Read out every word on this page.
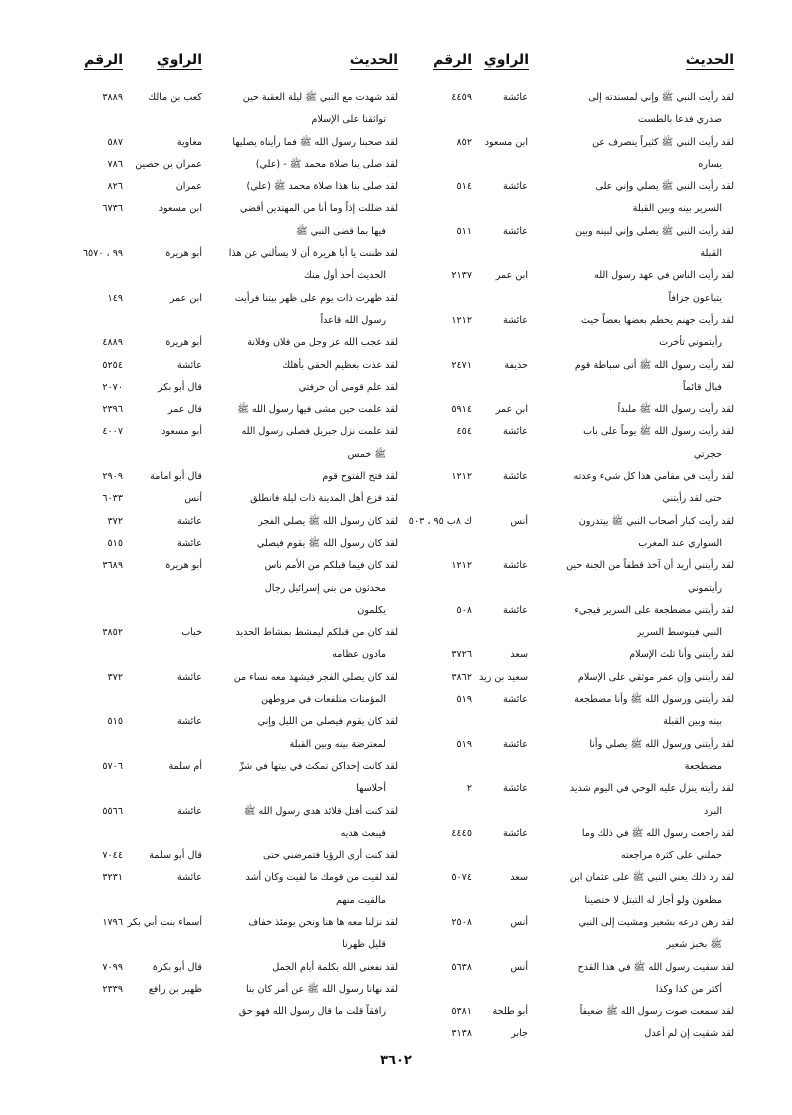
الحديث
الراوي
الرقم
لقد رأيت النبي ﷺ وإني لمسندته إلى
عائشة
٤٤٥٩
صدري فدعا بالطست
لقد رأيت النبي ﷺ كثيراً ينصرف عن
ابن مسعود
٨٥٢
يساره
لقد رأيت النبي ﷺ يصلي وإني على
عائشة
٥١٤
السرير بينه وبين القبلة
لقد رأيت النبي ﷺ يصلي وإني لبينه وبين
عائشة
٥١١
القبلة
لقد رأيت الناس في عهد رسول الله
ابن عمر
٢١٣٧
يتباعون جزافاً
لقد رأيت جهنم يحطم بعضها بعضاً حيث
عائشة
١٢١٢
رأيتموني تأخرت
لقد رأيت رسول الله ﷺ أتى سباطة قوم
حذيفة
٢٤٧١
فبال قائماً
لقد رأيت رسول الله ﷺ ملبداً
ابن عمر
٥٩١٤
لقد رأيت رسول الله ﷺ يوماً على باب
عائشة
٤٥٤
حجرتي
لقد رأيت في مقامي هذا كل شيء وعدته
عائشة
١٢١٢
حتى لقد رأيتني
لقد رأيت كبار أصحاب النبي ﷺ يبتدرون
أنس
ك ٨ب ٩٥ ، ٥٠٣
السواري عند المغرب
لقد رأيتني أريد أن آخذ قطفاً من الجنة حين
عائشة
١٢١٢
رأيتموني
لقد رأيتني مضطجعة على السرير فيجيء
عائشة
٥٠٨
النبي فيتوسط السرير
لقد رأيتني وأنا ثلث الإسلام
سعد
٣٧٢٦
لقد رأيتني وإن عمر موثقي على الإسلام
سعيد بن زيد
٣٨٦٢
لقد رأيتني ورسول الله ﷺ وأنا مضطجعة
عائشة
٥١٩
بينه وبين القبلة
لقد رأيتني ورسول الله ﷺ يصلي وأنا
عائشة
٥١٩
مضطجعة
لقد رأيته ينزل عليه الوحي في اليوم شديد
عائشة
٢
البرد
لقد راجعت رسول الله ﷺ في ذلك وما
عائشة
٤٤٤٥
حملني على كثرة مراجعته
لقد رد ذلك يعني النبي ﷺ على عثمان ابن
سعد
٥٠٧٤
مظعون ولو أجاز له التبتل لا ختصينا
لقد رهن درعه بشعير ومشيت إلى النبي
أنس
٢٥٠٨
ﷺ بخبز شعير
لقد سقيت رسول الله ﷺ في هذا القدح
أنس
٥٦٣٨
أكثر من كذا وكذا
لقد سمعت صوت رسول الله ﷺ ضعيفاً
أبو طلحة
٥٣٨١
لقد شقيت إن لم أعدل
جابر
٣١٣٨
الحديث
الراوي
الرقم
لقد شهدت مع النبي ﷺ ليلة العقبة حين
كعب بن مالك
٣٨٨٩
تواثقنا على الإسلام
لقد صحبنا رسول الله ﷺ فما رأيناه يصليها
معاوية
٥٨٧
لقد صلى بنا صلاة محمد ﷺ - (علي)
عمران بن حصين
٧٨٦
لقد صلى بنا هذا صلاة محمد ﷺ (علي)
عمران
٨٢٦
لقد ضللت إذاً وما أنا من المهتدين أقضي
ابن مسعود
٦٧٣٦
فيها بما قضى النبي ﷺ
لقد ظننت يا أبا هريرة أن لا يسألني عن هذا
أبو هريرة
٩٩ ، ٦٥٧٠
الحديث أحد أول منك
لقد ظهرت ذات يوم على ظهر بيتنا فرأيت
ابن عمر
١٤٩
رسول الله قاعداً
لقد عجب الله عز وجل من فلان وفلانة
أبو هريرة
٤٨٨٩
لقد عذت بعظيم الحقي بأهلك
عائشة
٥٢٥٤
لقد علم قومي أن حرفتي
قال أبو بكر
٢٠٧٠
لقد علمت حين مشى فيها رسول الله ﷺ
قال عمر
٢٣٩٦
لقد علمت نزل جبريل فصلى رسول الله
أبو مسعود
٤٠٠٧
ﷺ خمس
لقد فتح الفتوح قوم
قال أبو امامة
٢٩٠٩
لقد فزع أهل المدينة ذات ليلة فانطلق
أنس
٦٠٣٣
لقد كان رسول الله ﷺ يصلي الفجر
عائشة
٣٧٢
لقد كان رسول الله ﷺ يقوم فيصلي
عائشة
٥١٥
لقد كان فيما قبلكم من الأمم ناس
أبو هريرة
٣٦٨٩
محدثون من بني إسرائيل رجال
يكلمون
لقد كان من قبلكم ليمشط بمشاط الحديد
خباب
٣٨٥٢
مادون عظامه
لقد كان يصلي الفجر فيشهد معه نساء من
عائشة
٣٧٢
المؤمنات متلفعات في مروطهن
لقد كان يقوم فيصلي من الليل وإني
عائشة
٥١٥
لمعترضة بينه وبين القبلة
لقد كانت إحداكن تمكث في بيتها في شرِّ
أم سلمة
٥٧٠٦
أحلاسها
لقد كنت أفتل قلائد هدي رسول الله ﷺ
عائشة
٥٥٦٦
فيبعث هديه
لقد كنت أرى الرؤيا فتمرضني حتى
قال أبو سلمة
٧٠٤٤
لقد لقيت من قومك ما لقيت وكان أشد
عائشة
٣٢٣١
مالقيت منهم
لقد نزلنا معه ها هنا ونحن يومئذ خفاف
أسماء بنت أبي بكر
١٧٩٦
قليل ظهرنا
لقد نفعني الله بكلمة أيام الجمل
قال أبو بكرة
٧٠٩٩
لقد نهانا رسول الله ﷺ عن أمر كان بنا
ظهير بن رافع
٢٣٣٩
رافقاً قلت ما قال رسول الله فهو حق
٣٦٠٢
